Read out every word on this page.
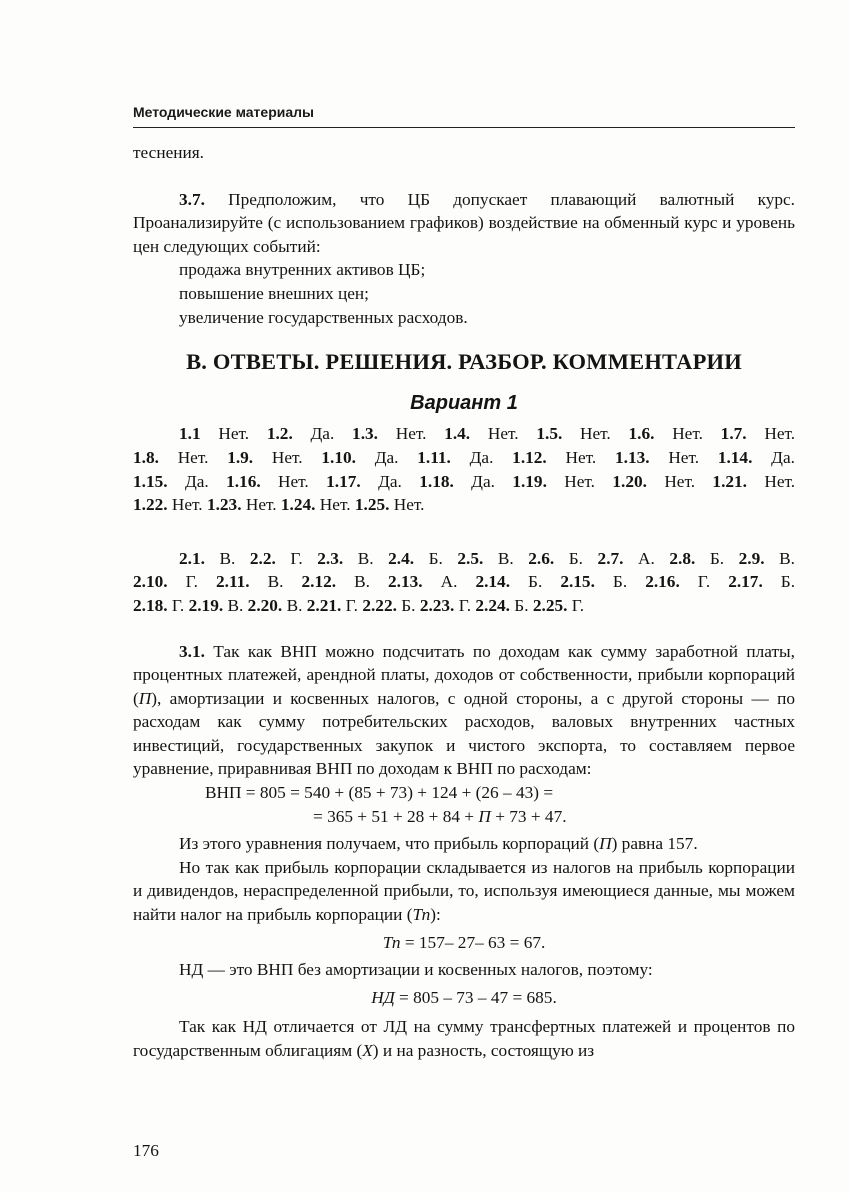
Методические материалы

теснения.

3.7. Предположим, что ЦБ допускает плавающий валютный курс. Проанализируйте (с использованием графиков) воздействие на обменный курс и уровень цен следующих событий:

продажа внутренних активов ЦБ;

повышение внешних цен;

увеличение государственных расходов.

В. ОТВЕТЫ. РЕШЕНИЯ. РАЗБОР. КОММЕНТАРИИ
Вариант 1

1.1 Нет. 1.2. Да. 1.3. Нет. 1.4. Нет. 1.5. Нет. 1.6. Нет. 1.7. Нет.

1.8. Нет. 1.9. Нет. 1.10. Да. 1.11. Да. 1.12. Нет. 1.13. Нет. 1.14. Да.

1.15. Да. 1.16. Нет. 1.17. Да. 1.18. Да. 1.19. Нет. 1.20. Нет. 1.21. Нет.

1.22. Нет. 1.23. Нет. 1.24. Нет. 1.25. Нет.

2.1. В. 2.2. Г. 2.3. В. 2.4. Б. 2.5. В. 2.6. Б. 2.7. А. 2.8. Б. 2.9. В.

2.10. Г. 2.11. В. 2.12. В. 2.13. А. 2.14. Б. 2.15. Б. 2.16. Г. 2.17. Б.

2.18. Г. 2.19. В. 2.20. В. 2.21. Г. 2.22. Б. 2.23. Г. 2.24. Б. 2.25. Г.

3.1. Так как ВНП можно подсчитать по доходам как сумму заработной платы, процентных платежей, арендной платы, доходов от собственности, прибыли корпораций (П), амортизации и косвенных налогов, с одной стороны, а с другой стороны — по расходам как сумму потребительских расходов, валовых внутренних частных инвестиций, государственных закупок и чистого экспорта, то составляем первое уравнение, приравнивая ВНП по доходам к ВНП по расходам:

ВНП = 805 = 540 + (85 + 73) + 124 + (26 – 43) =

= 365 + 51 + 28 + 84 + П + 73 + 47.

Из этого уравнения получаем, что прибыль корпораций (П) равна 157.

Но так как прибыль корпорации складывается из налогов на прибыль корпорации и дивидендов, нераспределенной прибыли, то, используя имеющиеся данные, мы можем найти налог на прибыль корпорации (Тп):

Тп = 157– 27– 63 = 67.

НД — это ВНП без амортизации и косвенных налогов, поэтому:

НД = 805 – 73 – 47 = 685.

Так как НД отличается от ЛД на сумму трансфертных платежей и процентов по государственным облигациям (X) и на разность, состоящую из

176
